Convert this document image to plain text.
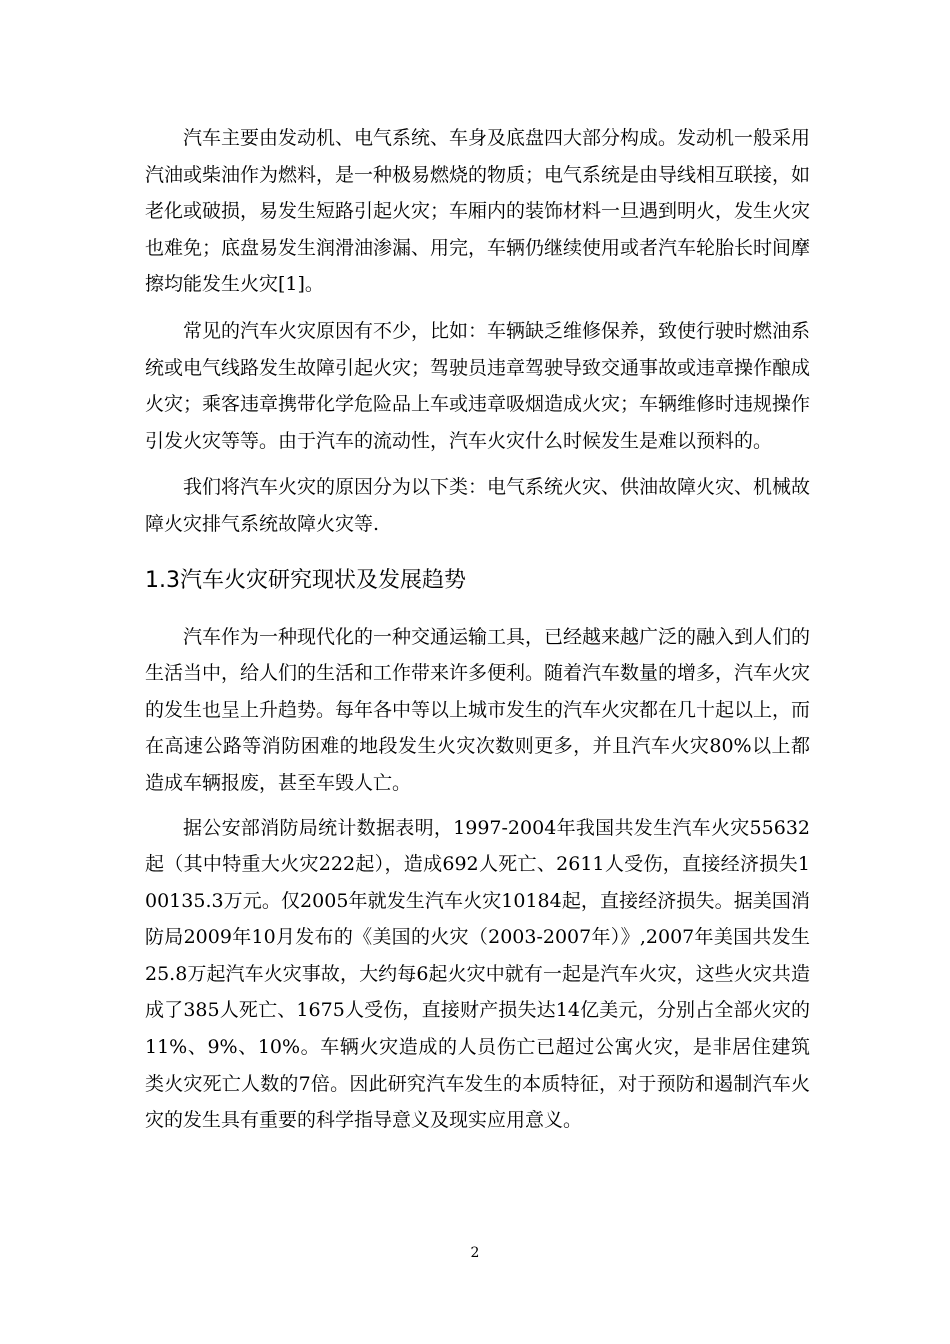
汽车主要由发动机、电气系统、车身及底盘四大部分构成。发动机一般采用汽油或柴油作为燃料，是一种极易燃烧的物质；电气系统是由导线相互联接，如老化或破损，易发生短路引起火灾；车厢内的装饰材料一旦遇到明火，发生火灾也难免；底盘易发生润滑油渗漏、用完，车辆仍继续使用或者汽车轮胎长时间摩擦均能发生火灾[1]。

常见的汽车火灾原因有不少，比如：车辆缺乏维修保养，致使行驶时燃油系统或电气线路发生故障引起火灾；驾驶员违章驾驶导致交通事故或违章操作酿成火灾；乘客违章携带化学危险品上车或违章吸烟造成火灾；车辆维修时违规操作引发火灾等等。由于汽车的流动性，汽车火灾什么时候发生是难以预料的。

我们将汽车火灾的原因分为以下类：电气系统火灾、供油故障火灾、机械故障火灾排气系统故障火灾等.

1.3汽车火灾研究现状及发展趋势

汽车作为一种现代化的一种交通运输工具，已经越来越广泛的融入到人们的生活当中，给人们的生活和工作带来许多便利。随着汽车数量的增多，汽车火灾的发生也呈上升趋势。每年各中等以上城市发生的汽车火灾都在几十起以上，而在高速公路等消防困难的地段发生火灾次数则更多，并且汽车火灾80%以上都造成车辆报废，甚至车毁人亡。

据公安部消防局统计数据表明，1997-2004年我国共发生汽车火灾55632起（其中特重大火灾222起），造成692人死亡、2611人受伤，直接经济损失100135.3万元。仅2005年就发生汽车火灾10184起，直接经济损失。据美国消防局2009年10月发布的《美国的火灾（2003-2007年）》,2007年美国共发生25.8万起汽车火灾事故，大约每6起火灾中就有一起是汽车火灾，这些火灾共造成了385人死亡、1675人受伤，直接财产损失达14亿美元，分别占全部火灾的11%、9%、10%。车辆火灾造成的人员伤亡已超过公寓火灾，是非居住建筑类火灾死亡人数的7倍。因此研究汽车发生的本质特征，对于预防和遏制汽车火灾的发生具有重要的科学指导意义及现实应用意义。

2
